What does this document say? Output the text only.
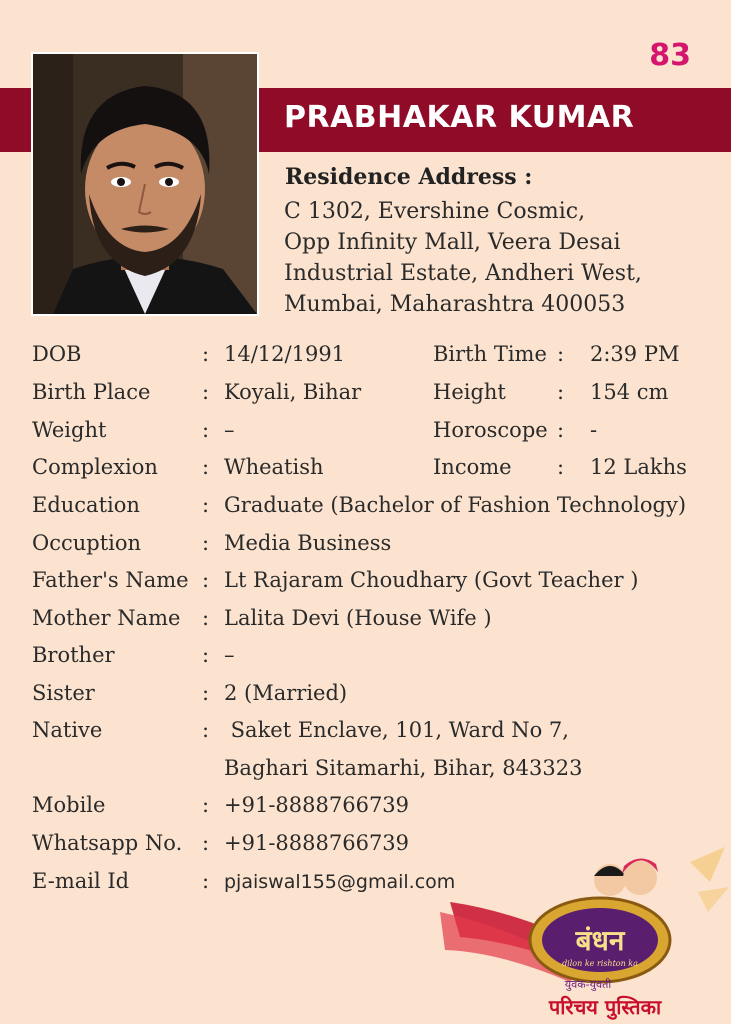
83
PRABHAKAR KUMAR
Residence Address :
C 1302, Evershine Cosmic,
Opp Infinity Mall, Veera Desai
Industrial Estate, Andheri West,
Mumbai, Maharashtra 400053
DOB	: 14/12/1991	Birth Time : 2:39 PM
Birth Place : Koyali, Bihar	Height : 154 cm
Weight	: –	Horoscope : -
Complexion : Wheatish	Income : 12 Lakhs
Education	: Graduate (Bachelor of Fashion Technology)
Occuption	: Media Business
Father's Name : Lt Rajaram Choudhary (Govt Teacher )
Mother Name : Lalita Devi (House Wife )
Brother	: –
Sister	: 2 (Married)
Native	: Saket Enclave, 101, Ward No 7,
Baghari Sitamarhi, Bihar, 843323
Mobile	: +91-8888766739
Whatsapp No. : +91-8888766739
E-mail Id	: pjaiswal155@gmail.com
बंधन
dilon ke rishton ka
युवक-युवती
परिचय पुस्तिका
